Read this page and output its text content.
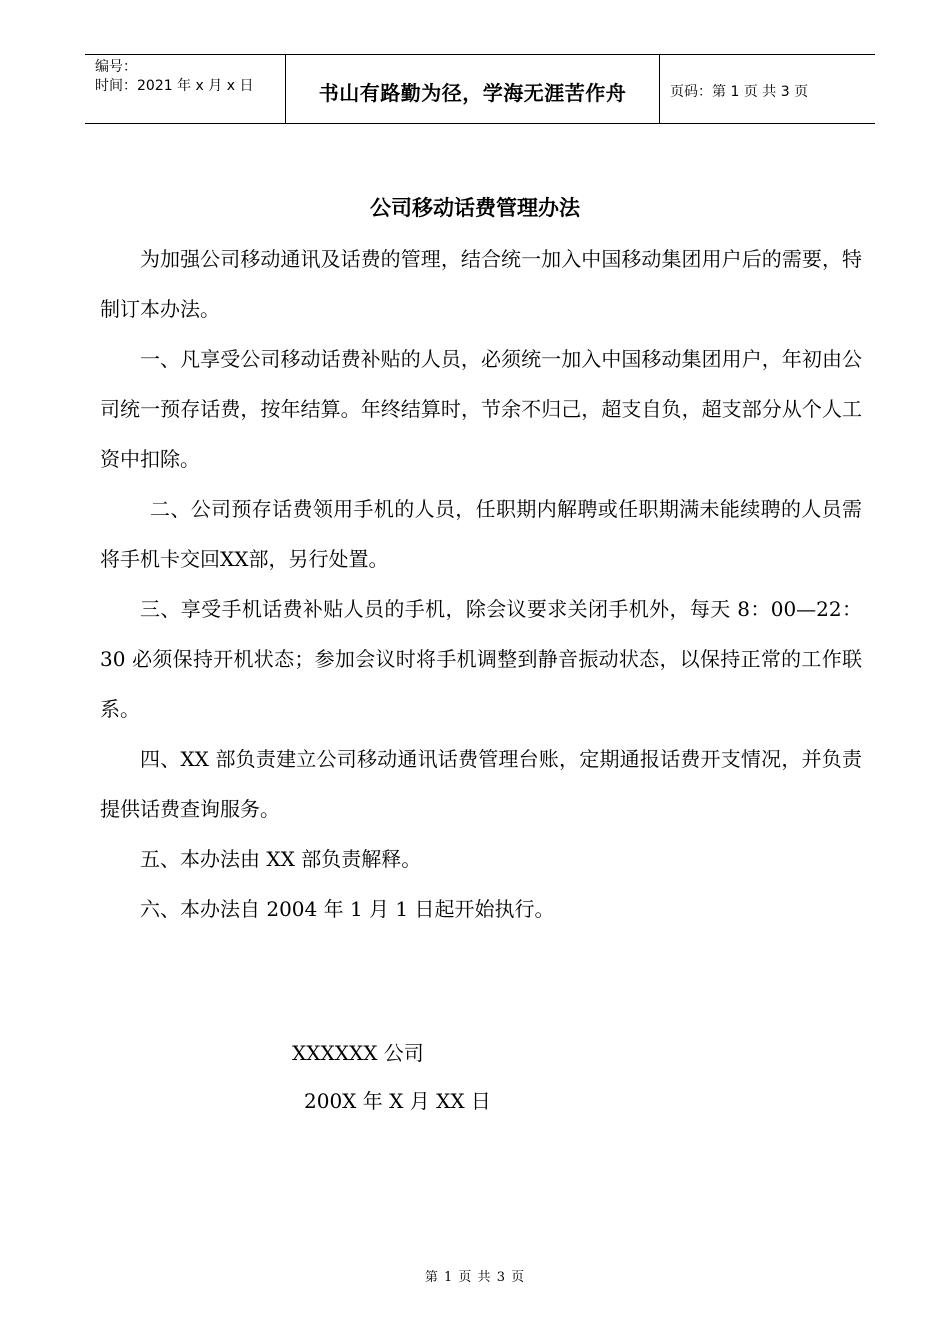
编号：
时间：2021 年 x 月 x 日	书山有路勤为径，学海无涯苦作舟	页码：第 1 页 共 3 页
公司移动话费管理办法

为加强公司移动通讯及话费的管理，结合统一加入中国移动集团用户后的需要，特制订本办法。

一、凡享受公司移动话费补贴的人员，必须统一加入中国移动集团用户，年初由公司统一预存话费，按年结算。年终结算时，节余不归己，超支自负，超支部分从个人工资中扣除。

二、公司预存话费领用手机的人员，任职期内解聘或任职期满未能续聘的人员需将手机卡交回XX部，另行处置。

三、享受手机话费补贴人员的手机，除会议要求关闭手机外，每天 8：00—22：30 必须保持开机状态；参加会议时将手机调整到静音振动状态，以保持正常的工作联系。

四、XX 部负责建立公司移动通讯话费管理台账，定期通报话费开支情况，并负责提供话费查询服务。

五、本办法由 XX 部负责解释。

六、本办法自 2004 年 1 月 1 日起开始执行。

XXXXXX 公司
200X 年 X 月 XX 日
第 1 页 共 3 页
